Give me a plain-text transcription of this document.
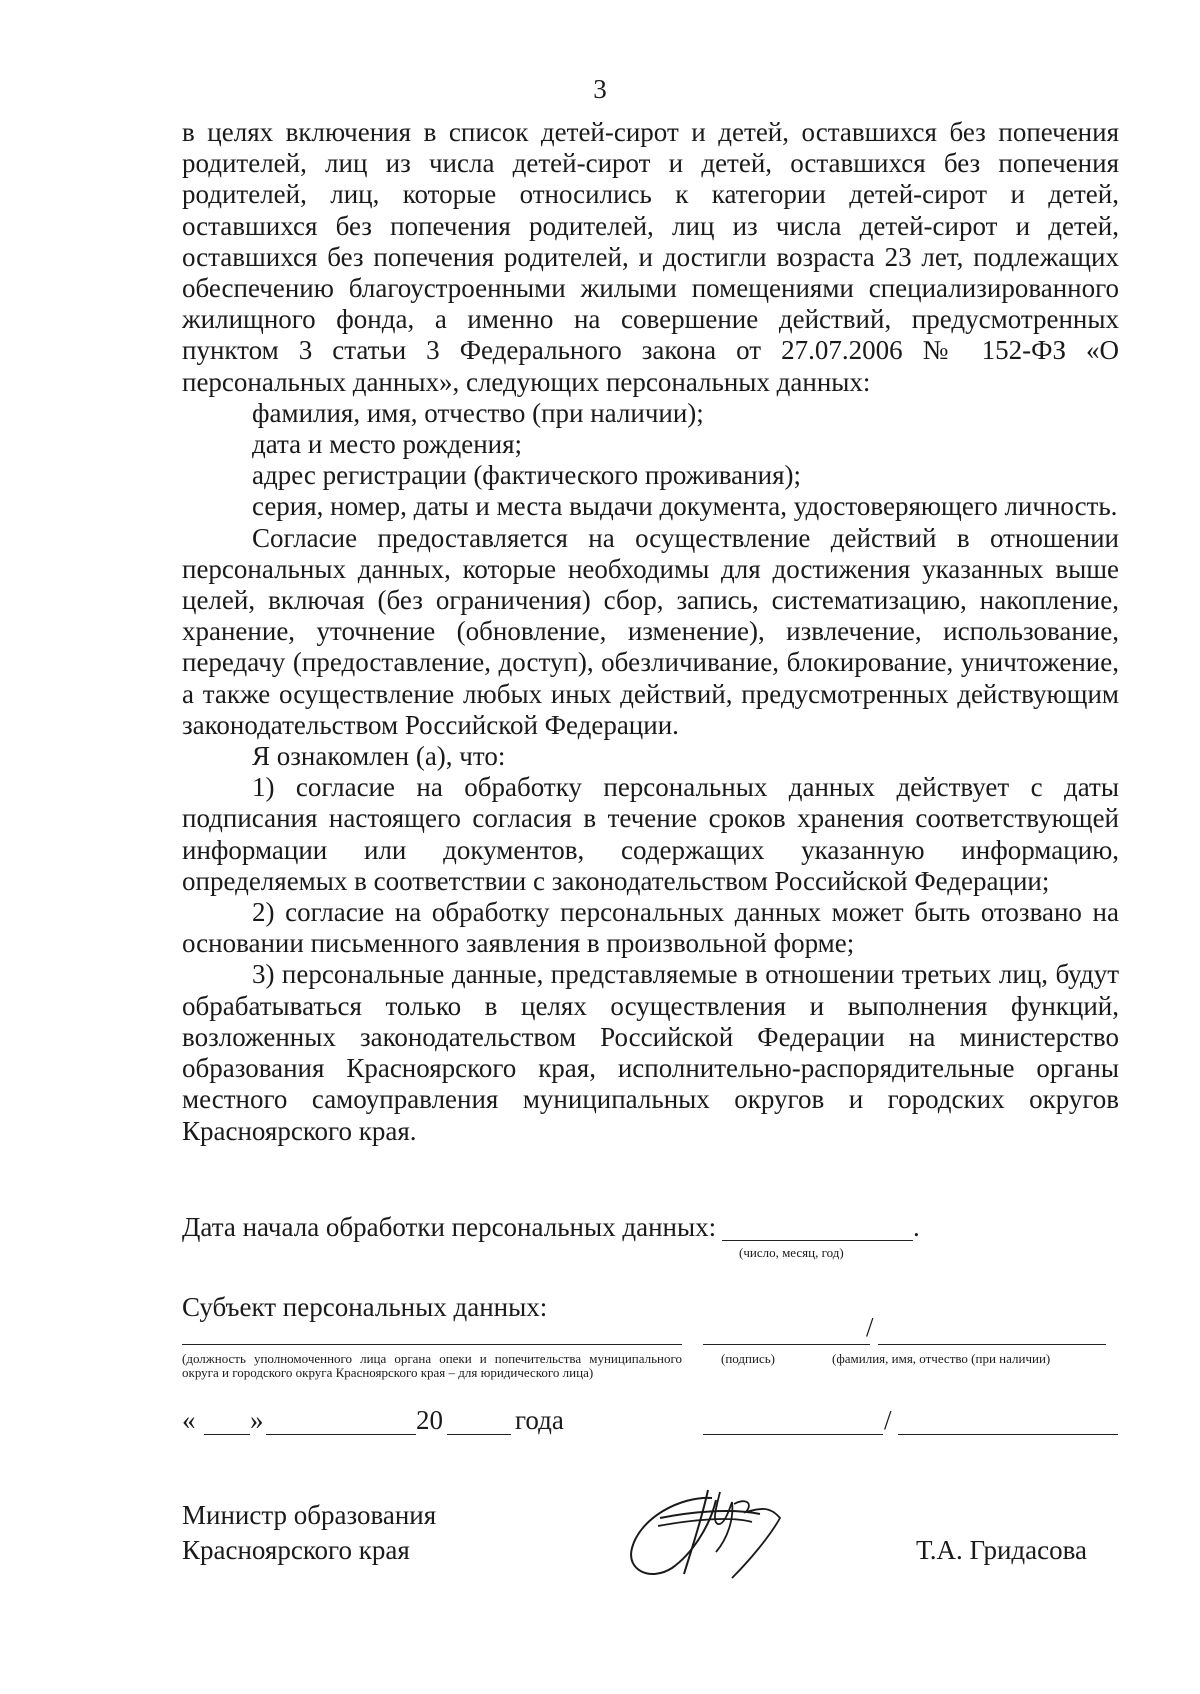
3

в целях включения в список детей-сирот и детей, оставшихся без попечения родителей, лиц из числа детей-сирот и детей, оставшихся без попечения родителей, лиц, которые относились к категории детей-сирот и детей, оставшихся без попечения родителей, лиц из числа детей-сирот и детей, оставшихся без попечения родителей, и достигли возраста 23 лет, подлежащих обеспечению благоустроенными жилыми помещениями специализированного жилищного фонда, а именно на совершение действий, предусмотренных пунктом 3 статьи 3 Федерального закона от 27.07.2006 № 152-ФЗ «О персональных данных», следующих персональных данных:

фамилия, имя, отчество (при наличии);

дата и место рождения;

адрес регистрации (фактического проживания);

серия, номер, даты и места выдачи документа, удостоверяющего личность.

Согласие предоставляется на осуществление действий в отношении персональных данных, которые необходимы для достижения указанных выше целей, включая (без ограничения) сбор, запись, систематизацию, накопление, хранение, уточнение (обновление, изменение), извлечение, использование, передачу (предоставление, доступ), обезличивание, блокирование, уничтожение, а также осуществление любых иных действий, предусмотренных действующим законодательством Российской Федерации.

Я ознакомлен (а), что:

1) согласие на обработку персональных данных действует с даты подписания настоящего согласия в течение сроков хранения соответствующей информации или документов, содержащих указанную информацию, определяемых в соответствии с законодательством Российской Федерации;

2) согласие на обработку персональных данных может быть отозвано на основании письменного заявления в произвольной форме;

3) персональные данные, представляемые в отношении третьих лиц, будут обрабатываться только в целях осуществления и выполнения функций, возложенных законодательством Российской Федерации на министерство образования Красноярского края, исполнительно-распорядительные органы местного самоуправления муниципальных округов и городских округов Красноярского края.

Дата начала обработки персональных данных:	.
(число, месяц, год)
Субъект персональных данных:
/
(должность уполномоченного лица органа опеки и попечительства муниципального округа и городского округа Красноярского края – для юридического лица)
(подпись)	(фамилия, имя, отчество (при наличии)
« »	20	года	/
Министр образования
Красноярского края	Т.А. Гридасова
